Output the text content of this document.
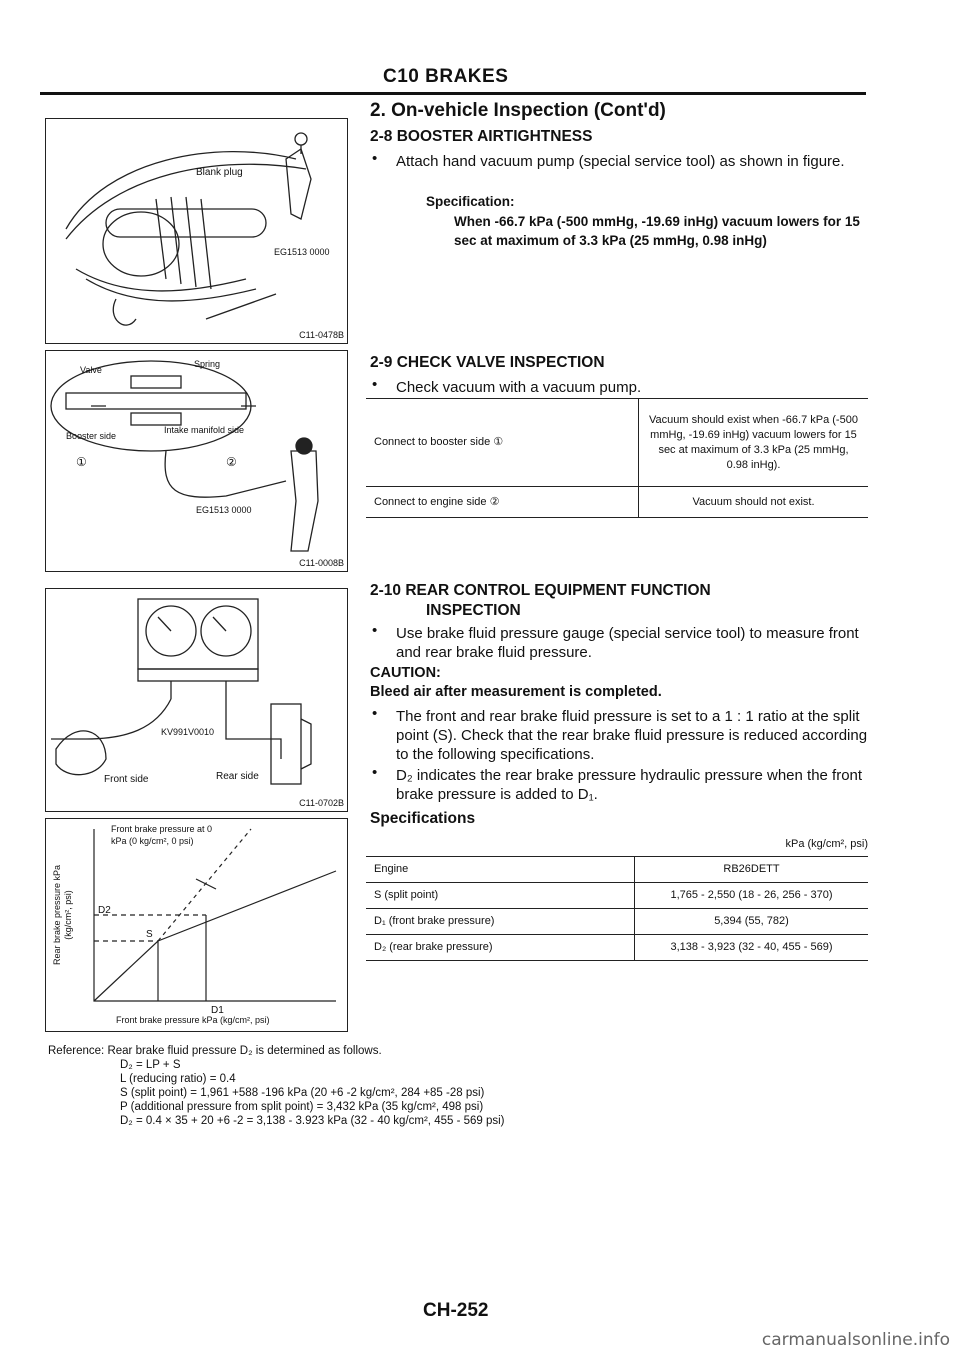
C10 BRAKES
2. On-vehicle Inspection (Cont'd)
Blank plug
EG1513 0000
C11-0478B
Valve
Spring
Booster side
Intake manifold side
①	②
EG1513 0000
C11-0008B
KV991V0010
Front side	Rear side
C11-0702B
Front brake pressure at 0 kPa (0 kg/cm², 0 psi)
Rear brake pressure kPa (kg/cm², psi)	D2
S
D1
Front brake pressure kPa (kg/cm², psi)
2-8 BOOSTER AIRTIGHTNESS
• Attach hand vacuum pump (special service tool) as shown in figure.
Specification:
When -66.7 kPa (-500 mmHg, -19.69 inHg) vacuum lowers for 15 sec at maximum of 3.3 kPa (25 mmHg, 0.98 inHg)
2-9 CHECK VALVE INSPECTION
• Check vacuum with a vacuum pump.
Connect to booster side ①	Vacuum should exist when -66.7 kPa (-500 mmHg, -19.69 inHg) vacuum lowers for 15 sec at maximum of 3.3 kPa (25 mmHg, 0.98 inHg).
Connect to engine side ②	Vacuum should not exist.
2-10 REAR CONTROL EQUIPMENT FUNCTION
INSPECTION
• Use brake fluid pressure gauge (special service tool) to measure front and rear brake fluid pressure.
CAUTION:
Bleed air after measurement is completed.
• The front and rear brake fluid pressure is set to a 1 : 1 ratio at the split point (S). Check that the rear brake fluid pressure is reduced according to the following specifications.
• D₂ indicates the rear brake pressure hydraulic pressure when the front brake pressure is added to D₁.
Specifications
kPa (kg/cm², psi)
Engine	RB26DETT
S (split point)	1,765 - 2,550 (18 - 26, 256 - 370)
D₁ (front brake pressure)	5,394 (55, 782)
D₂ (rear brake pressure)	3,138 - 3,923 (32 - 40, 455 - 569)
Reference: Rear brake fluid pressure D₂ is determined as follows.
D₂ = LP + S
L (reducing ratio) = 0.4
S (split point) = 1,961 +588 -196 kPa (20 +6 -2 kg/cm², 284 +85 -28 psi)
P (additional pressure from split point) = 3,432 kPa (35 kg/cm², 498 psi)
D₂ = 0.4 × 35 + 20 +6 -2 = 3,138 - 3.923 kPa (32 - 40 kg/cm², 455 - 569 psi)
CH-252
carmanualsonline.info
